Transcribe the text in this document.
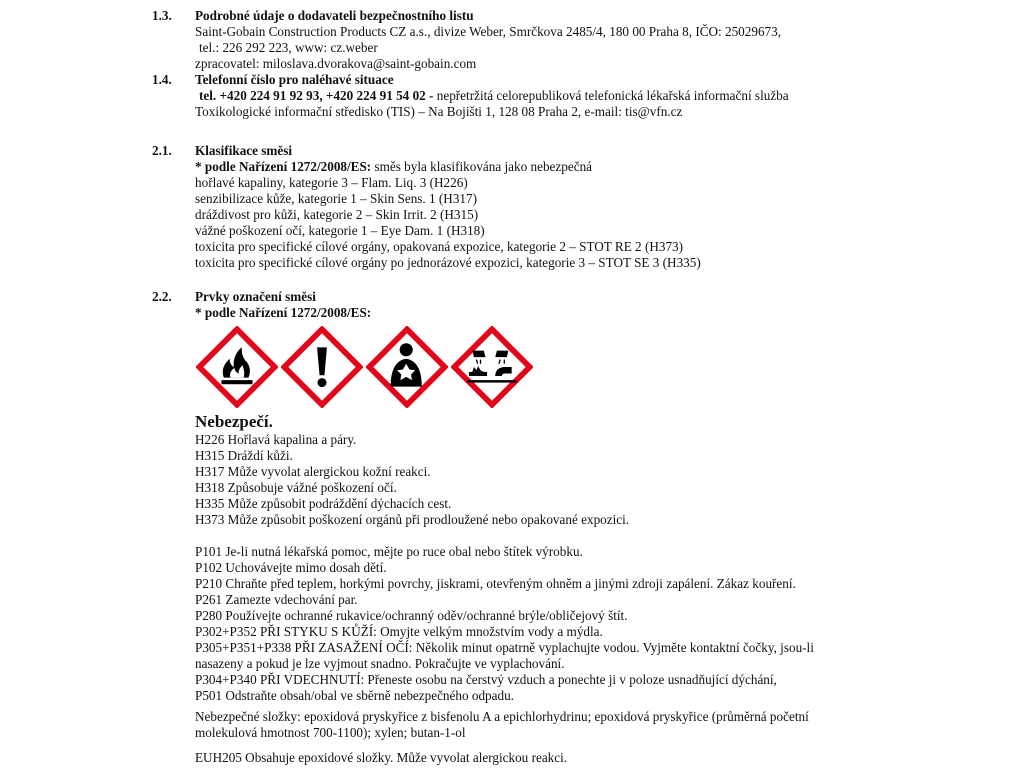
1.3. Podrobné údaje o dodavateli bezpečnostního listu
Saint-Gobain Construction Products CZ a.s., divize Weber, Smrčkova 2485/4, 180 00 Praha 8, IČO: 25029673,
tel.: 226 292 223, www: cz.weber
zpracovatel: miloslava.dvorakova@saint-gobain.com
1.4. Telefonní číslo pro naléhavé situace
tel. +420 224 91 92 93, +420 224 91 54 02 - nepřetržitá celorepubliková telefonická lékařská informační služba
Toxikologické informační středisko (TIS) – Na Bojišti 1, 128 08 Praha 2, e-mail: tis@vfn.cz
2.1. Klasifikace směsi
* podle Nařízení 1272/2008/ES: směs byla klasifikována jako nebezpečná
hořlavé kapaliny, kategorie 3 – Flam. Liq. 3 (H226)
senzibilizace kůže, kategorie 1 – Skin Sens. 1 (H317)
dráždivost pro kůži, kategorie 2 – Skin Irrit. 2 (H315)
vážné poškození očí, kategorie 1 – Eye Dam. 1 (H318)
toxicita pro specifické cílové orgány, opakovaná expozice, kategorie 2 – STOT RE 2 (H373)
toxicita pro specifické cílové orgány po jednorázové expozici, kategorie 3 – STOT SE 3 (H335)
2.2. Prvky označení směsi
* podle Nařízení 1272/2008/ES:
Nebezpečí.
H226 Hořlavá kapalina a páry.
H315 Dráždí kůži.
H317 Může vyvolat alergickou kožní reakci.
H318 Způsobuje vážné poškození očí.
H335 Může způsobit podráždění dýchacích cest.
H373 Může způsobit poškození orgánů při prodloužené nebo opakované expozici.
P101 Je-li nutná lékařská pomoc, mějte po ruce obal nebo štítek výrobku.
P102 Uchovávejte mimo dosah dětí.
P210 Chraňte před teplem, horkými povrchy, jiskrami, otevřeným ohněm a jinými zdroji zapálení. Zákaz kouření.
P261 Zamezte vdechování par.
P280 Používejte ochranné rukavice/ochranný oděv/ochranné brýle/obličejový štít.
P302+P352 PŘI STYKU S KŮŽÍ: Omyjte velkým množstvím vody a mýdla.
P305+P351+P338 PŘI ZASAŽENÍ OČÍ: Několik minut opatrně vyplachujte vodou. Vyjměte kontaktní čočky, jsou-li
nasazeny a pokud je lze vyjmout snadno. Pokračujte ve vyplachování.
P304+P340 PŘI VDECHNUTÍ: Přeneste osobu na čerstvý vzduch a ponechte ji v poloze usnadňující dýchání,
P501 Odstraňte obsah/obal ve sběrně nebezpečného odpadu.
Nebezpečné složky: epoxidová pryskyřice z bisfenolu A a epichlorhydrinu; epoxidová pryskyřice (průměrná početní
molekulová hmotnost 700-1100); xylen; butan-1-ol
EUH205 Obsahuje epoxidové složky. Může vyvolat alergickou reakci.
